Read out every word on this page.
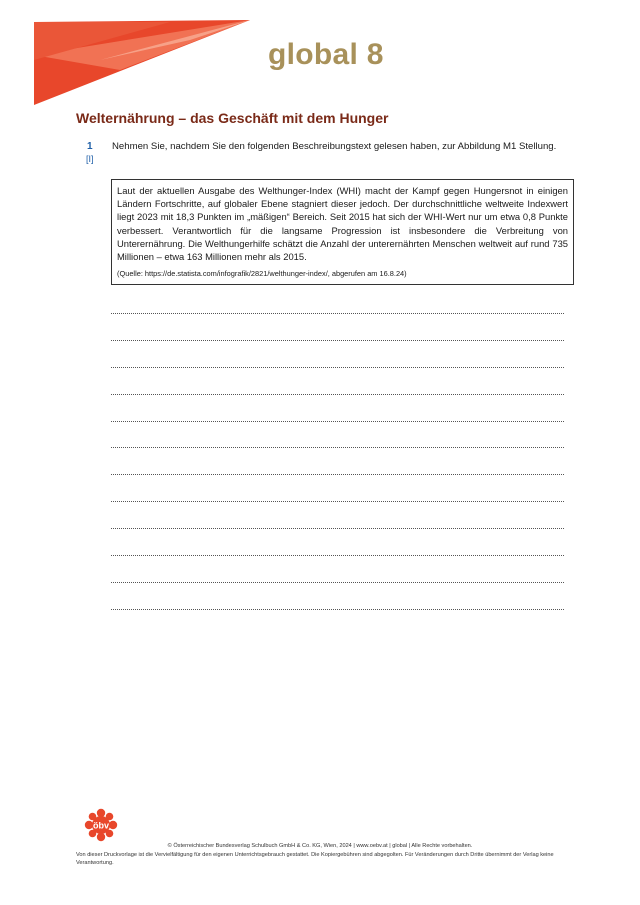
global 8
Welternährung – das Geschäft mit dem Hunger
1
[I]
Nehmen Sie, nachdem Sie den folgenden Beschreibungstext gelesen haben, zur Abbildung M1 Stellung.

Laut der aktuellen Ausgabe des Welthunger-Index (WHI) macht der Kampf gegen Hungersnot in einigen Ländern Fortschritte, auf globaler Ebene stagniert dieser jedoch. Der durchschnittliche weltweite Indexwert liegt 2023 mit 18,3 Punkten im „mäßigen“ Bereich. Seit 2015 hat sich der WHI-Wert nur um etwa 0,8 Punkte verbessert. Verantwortlich für die langsame Progression ist insbesondere die Verbreitung von Unterernährung. Die Welthungerhilfe schätzt die Anzahl der unterernährten Menschen weltweit auf rund 735 Millionen – etwa 163 Millionen mehr als 2015.

(Quelle: https://de.statista.com/infografik/2821/welthunger-index/, abgerufen am 16.8.24)

öbv
© Österreichischer Bundesverlag Schulbuch GmbH & Co. KG, Wien, 2024 | www.oebv.at | global | Alle Rechte vorbehalten.
Von dieser Druckvorlage ist die Vervielfältigung für den eigenen Unterrichtsgebrauch gestattet. Die Kopiergebühren sind abgegolten. Für Veränderungen durch Dritte übernimmt der Verlag keine Verantwortung.
